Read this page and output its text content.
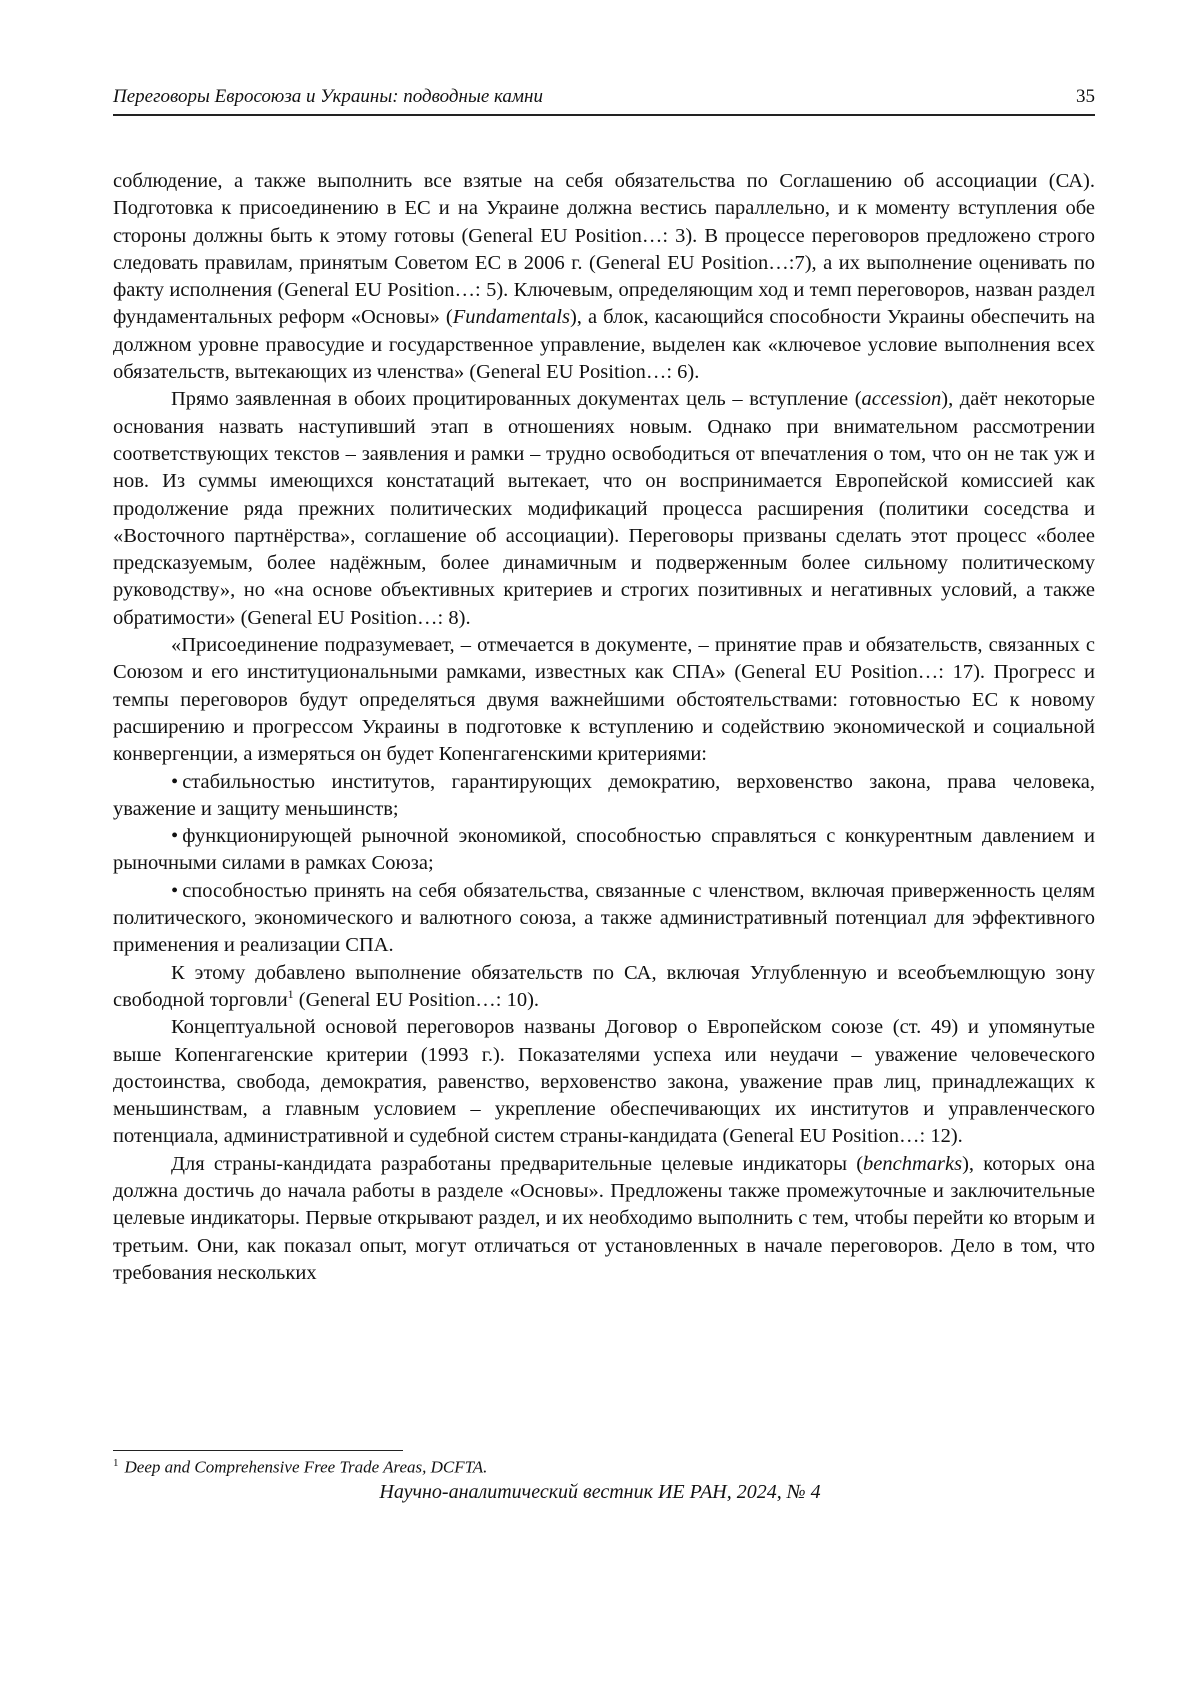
Переговоры Евросоюза и Украины: подводные камни	35

соблюдение, а также выполнить все взятые на себя обязательства по Соглашению об ассоциации (СА). Подготовка к присоединению в ЕС и на Украине должна вестись параллельно, и к моменту вступления обе стороны должны быть к этому готовы (General EU Position…: 3). В процессе переговоров предложено строго следовать правилам, принятым Советом ЕС в 2006 г. (General EU Position…:7), а их выполнение оценивать по факту исполнения (General EU Position…: 5). Ключевым, определяющим ход и темп переговоров, назван раздел фундаментальных реформ «Основы» (Fundamentals), а блок, касающийся способности Украины обеспечить на должном уровне правосудие и государственное управление, выделен как «ключевое условие выполнения всех обязательств, вытекающих из членства» (General EU Position…: 6).

Прямо заявленная в обоих процитированных документах цель – вступление (accession), даёт некоторые основания назвать наступивший этап в отношениях новым. Однако при внимательном рассмотрении соответствующих текстов – заявления и рамки – трудно освободиться от впечатления о том, что он не так уж и нов. Из суммы имеющихся констатаций вытекает, что он воспринимается Европейской комиссией как продолжение ряда прежних политических модификаций процесса расширения (политики соседства и «Восточного партнёрства», соглашение об ассоциации). Переговоры призваны сделать этот процесс «более предсказуемым, более надёжным, более динамичным и подверженным более сильному политическому руководству», но «на основе объективных критериев и строгих позитивных и негативных условий, а также обратимости» (General EU Position…: 8).

«Присоединение подразумевает, – отмечается в документе, – принятие прав и обязательств, связанных с Союзом и его институциональными рамками, известных как СПА» (General EU Position…: 17). Прогресс и темпы переговоров будут определяться двумя важнейшими обстоятельствами: готовностью ЕС к новому расширению и прогрессом Украины в подготовке к вступлению и содействию экономической и социальной конвергенции, а измеряться он будет Копенгагенскими критериями:

• стабильностью институтов, гарантирующих демократию, верховенство закона, права человека, уважение и защиту меньшинств;

• функционирующей рыночной экономикой, способностью справляться с конкурентным давлением и рыночными силами в рамках Союза;

• способностью принять на себя обязательства, связанные с членством, включая приверженность целям политического, экономического и валютного союза, а также административный потенциал для эффективного применения и реализации СПА.

К этому добавлено выполнение обязательств по СА, включая Углубленную и всеобъемлющую зону свободной торговли$^1$ (General EU Position…: 10).

Концептуальной основой переговоров названы Договор о Европейском союзе (ст. 49) и упомянутые выше Копенгагенские критерии (1993 г.). Показателями успеха или неудачи – уважение человеческого достоинства, свобода, демократия, равенство, верховенство закона, уважение прав лиц, принадлежащих к меньшинствам, а главным условием – укрепление обеспечивающих их институтов и управленческого потенциала, административной и судебной систем страны-кандидата (General EU Position…: 12).

Для страны-кандидата разработаны предварительные целевые индикаторы (benchmarks), которых она должна достичь до начала работы в разделе «Основы». Предложены также промежуточные и заключительные целевые индикаторы. Первые открывают раздел, и их необходимо выполнить с тем, чтобы перейти ко вторым и третьим. Они, как показал опыт, могут отличаться от установленных в начале переговоров. Дело в том, что требования нескольких

$^1$ Deep and Comprehensive Free Trade Areas, DCFTA.
Научно-аналитический вестник ИЕ РАН, 2024, № 4
